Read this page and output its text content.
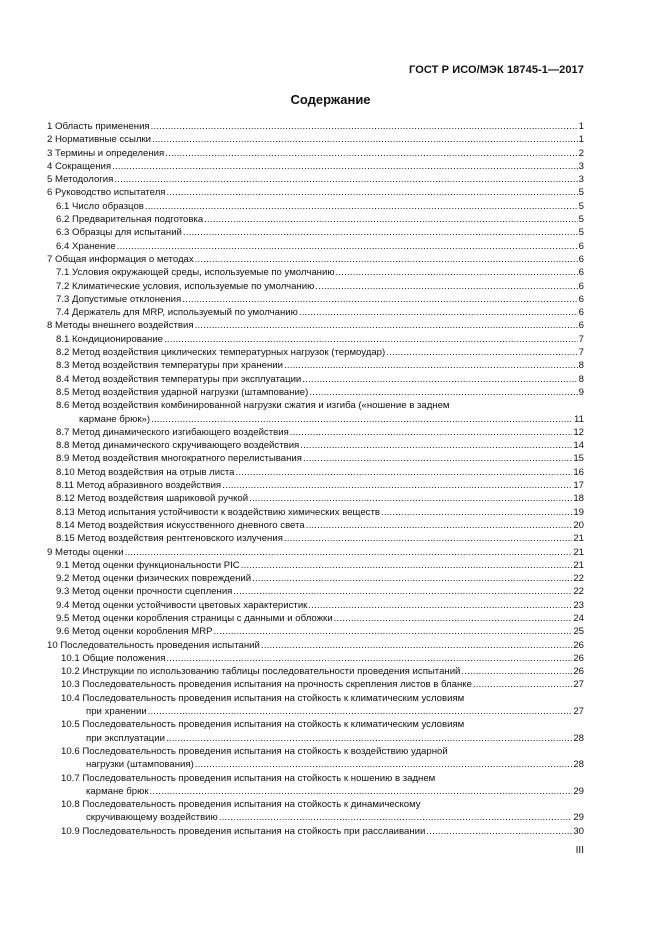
ГОСТ Р ИСО/МЭК 18745-1—2017
Содержание
1 Область применения .....	1
2 Нормативные ссылки .....	1
3 Термины и определения .....	2
4 Сокращения .....	3
5 Методология .....	3
6 Руководство испытателя .....	5
6.1 Число образцов .....	5
6.2 Предварительная подготовка .....	5
6.3 Образцы для испытаний .....	5
6.4 Хранение .....	6
7 Общая информация о методах .....	6
7.1 Условия окружающей среды, используемые по умолчанию .....	6
7.2 Климатические условия, используемые по умолчанию .....	6
7.3 Допустимые отклонения .....	6
7.4 Держатель для MRP, используемый по умолчанию .....	6
8 Методы внешнего воздействия .....	6
8.1 Кондиционирование .....	7
8.2 Метод воздействия циклических температурных нагрузок (термоудар) .....	7
8.3 Метод воздействия температуры при хранении .....	8
8.4 Метод воздействия температуры при эксплуатации .....	8
8.5 Метод воздействия ударной нагрузки (штампование) .....	9
8.6 Метод воздействия комбинированной нагрузки сжатия и изгиба («ношение в заднем
кармане брюк») .....	11
8.7 Метод динамического изгибающего воздействия .....	12
8.8 Метод динамического скручивающего воздействия .....	14
8.9 Метод воздействия многократного перелистывания .....	15
8.10 Метод воздействия на отрыв листа .....	16
8.11 Метод абразивного воздействия .....	17
8.12 Метод воздействия шариковой ручкой .....	18
8.13 Метод испытания устойчивости к воздействию химических веществ .....	19
8.14 Метод воздействия искусственного дневного света .....	20
8.15 Метод воздействия рентгеновского излучения .....	21
9 Методы оценки .....	21
9.1 Метод оценки функциональности PIC .....	21
9.2 Метод оценки физических повреждений .....	22
9.3 Метод оценки прочности сцепления .....	22
9.4 Метод оценки устойчивости цветовых характеристик .....	23
9.5 Метод оценки коробления страницы с данными и обложки .....	24
9.6 Метод оценки коробления MRP .....	25
10 Последовательность проведения испытаний .....	26
10.1 Общие положения .....	26
10.2 Инструкции по использованию таблицы последовательности проведения испытаний .....	26
10.3 Последовательность проведения испытания на прочность скрепления листов в бланке .....	27
10.4 Последовательность проведения испытания на стойкость к климатическим условиям
при хранении .....	27
10.5 Последовательность проведения испытания на стойкость к климатическим условиям
при эксплуатации .....	28
10.6 Последовательность проведения испытания на стойкость к воздействию ударной
нагрузки (штампования) .....	28
10.7 Последовательность проведения испытания на стойкость к ношению в заднем
кармане брюк .....	29
10.8 Последовательность проведения испытания на стойкость к динамическому
скручивающему воздействию .....	29
10.9 Последовательность проведения испытания на стойкость при расслаивании .....	30
III
